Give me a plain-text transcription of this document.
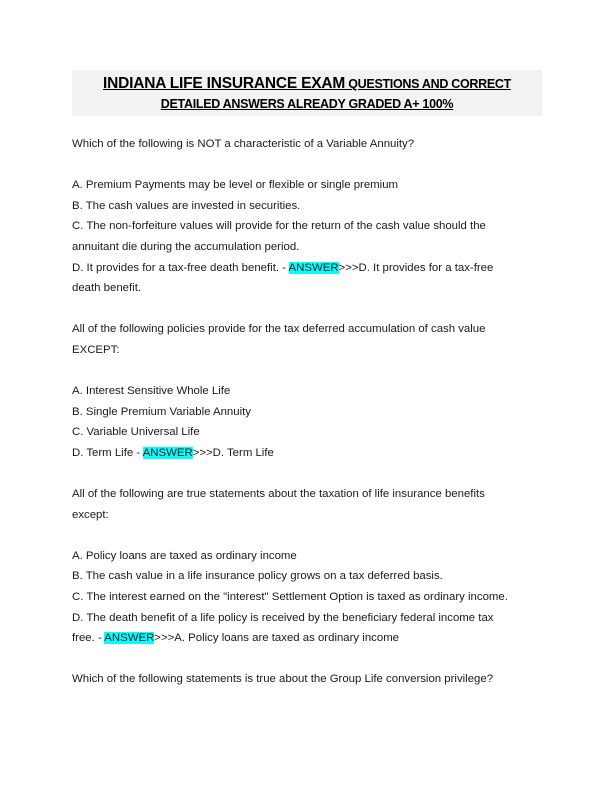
INDIANA LIFE INSURANCE EXAM QUESTIONS AND CORRECT
DETAILED ANSWERS ALREADY GRADED A+ 100%
Which of the following is NOT a characteristic of a Variable Annuity?
A. Premium Payments may be level or flexible or single premium
B. The cash values are invested in securities.
C. The non-forfeiture values will provide for the return of the cash value should the
annuitant die during the accumulation period.
D. It provides for a tax-free death benefit. - ANSWER>>>D. It provides for a tax-free
death benefit.
All of the following policies provide for the tax deferred accumulation of cash value
EXCEPT:
A. Interest Sensitive Whole Life
B. Single Premium Variable Annuity
C. Variable Universal Life
D. Term Life - ANSWER>>>D. Term Life
All of the following are true statements about the taxation of life insurance benefits
except:
A. Policy loans are taxed as ordinary income
B. The cash value in a life insurance policy grows on a tax deferred basis.
C. The interest earned on the "interest" Settlement Option is taxed as ordinary income.
D. The death benefit of a life policy is received by the beneficiary federal income tax
free. - ANSWER>>>A. Policy loans are taxed as ordinary income
Which of the following statements is true about the Group Life conversion privilege?
